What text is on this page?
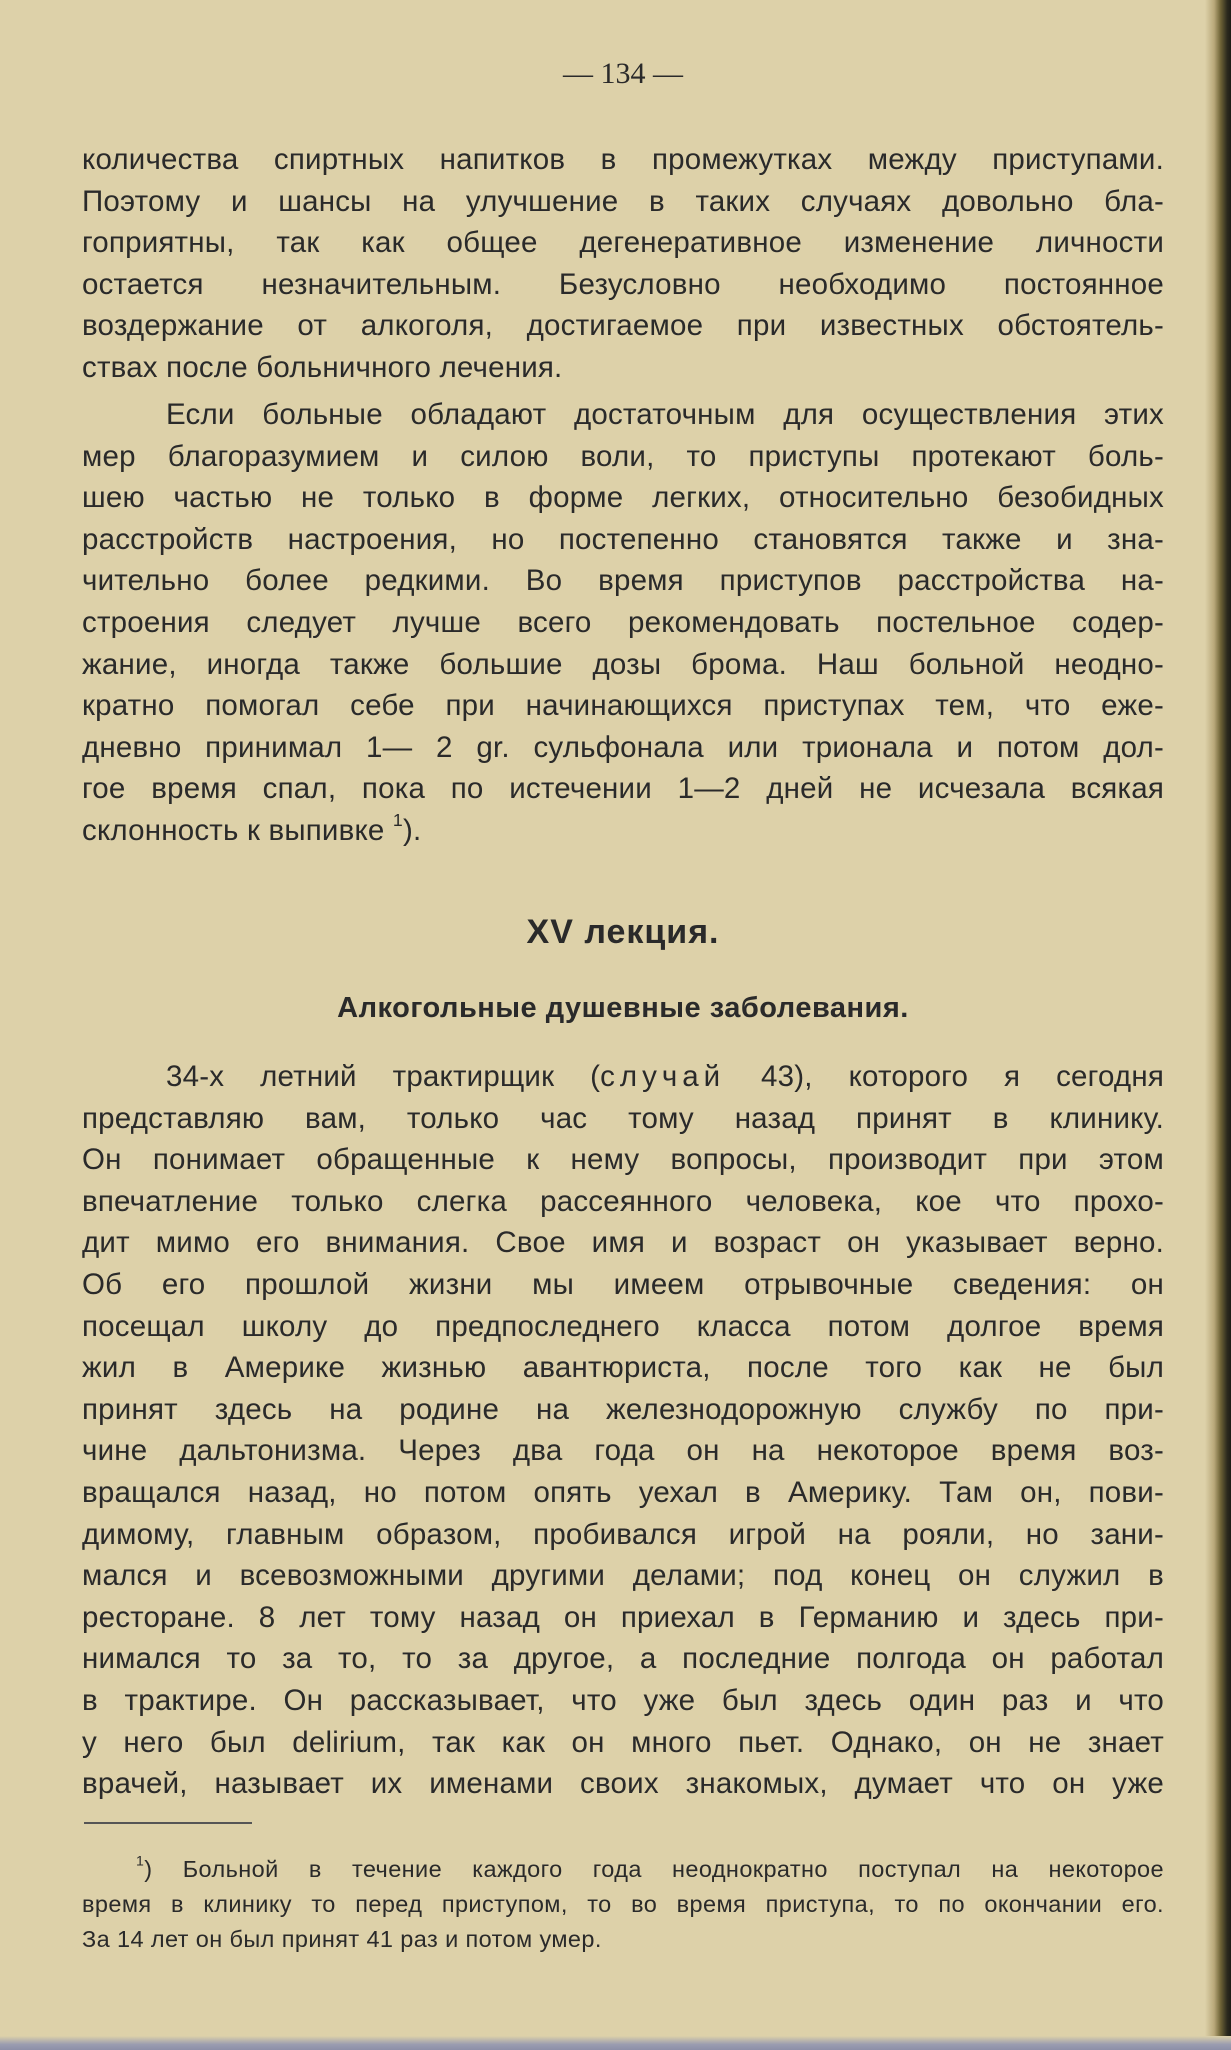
— 134 —
количества спиртных напитков в промежутках между приступами.
Поэтому и шансы на улучшение в таких случаях довольно бла-
гоприятны, так как общее дегенеративное изменение личности
остается незначительным. Безусловно необходимо постоянное
воздержание от алкоголя, достигаемое при известных обстоятель-
ствах после больничного лечения.
Если больные обладают достаточным для осуществления этих
мер благоразумием и силою воли, то приступы протекают боль-
шею частью не только в форме легких, относительно безобидных
расстройств настроения, но постепенно становятся также и зна-
чительно более редкими. Во время приступов расстройства на-
строения следует лучше всего рекомендовать постельное содер-
жание, иногда также большие дозы брома. Наш больной неодно-
кратно помогал себе при начинающихся приступах тем, что еже-
дневно принимал 1— 2 gr. сульфонала или трионала и потом дол-
гое время спал, пока по истечении 1—2 дней не исчезала всякая
склонность к выпивке $^1$).
XV лекция.
Алкогольные душевные заболевания.
34-х летний трактирщик (случай 43), которого я сегодня
представляю вам, только час тому назад принят в клинику.
Он понимает обращенные к нему вопросы, производит при этом
впечатление только слегка рассеянного человека, кое что прохо-
дит мимо его внимания. Свое имя и возраст он указывает верно.
Об его прошлой жизни мы имеем отрывочные сведения: он
посещал школу до предпоследнего класса потом долгое время
жил в Америке жизнью авантюриста, после того как не был
принят здесь на родине на железнодорожную службу по при-
чине дальтонизма. Через два года он на некоторое время воз-
вращался назад, но потом опять уехал в Америку. Там он, пови-
димому, главным образом, пробивался игрой на рояли, но зани-
мался и всевозможными другими делами; под конец он служил в
ресторане. 8 лет тому назад он приехал в Германию и здесь при-
нимался то за то, то за другое, а последние полгода он работал
в трактире. Он рассказывает, что уже был здесь один раз и что
у него был delirium, так как он много пьет. Однако, он не знает
врачей, называет их именами своих знакомых, думает что он уже
$^1$) Больной в течение каждого года неоднократно поступал на некоторое
время в клинику то перед приступом, то во время приступа, то по окончании его.
За 14 лет он был принят 41 раз и потом умер.
